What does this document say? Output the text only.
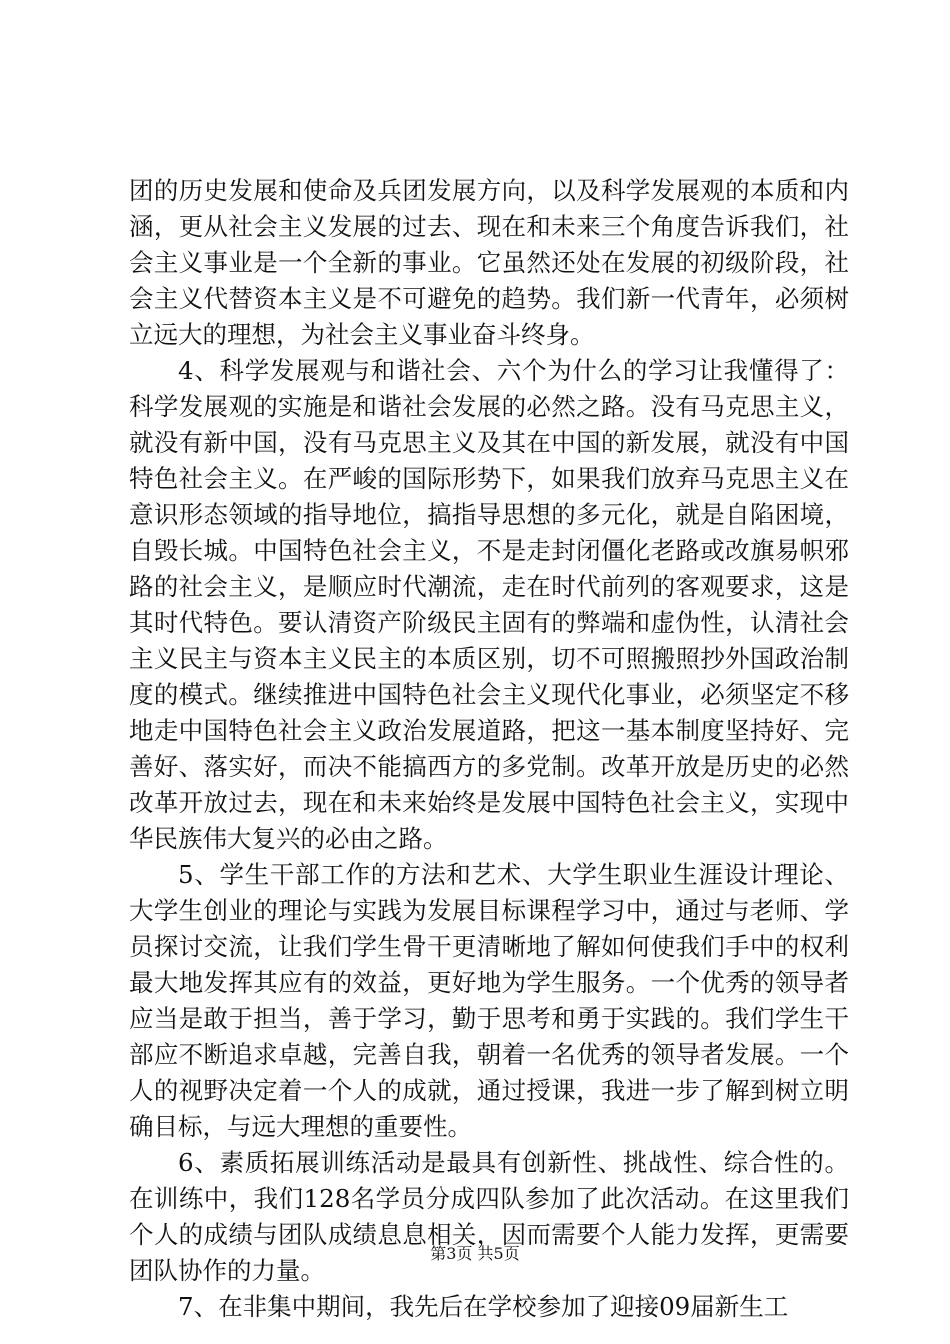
团的历史发展和使命及兵团发展方向，以及科学发展观的本质和内涵，更从社会主义发展的过去、现在和未来三个角度告诉我们，社会主义事业是一个全新的事业。它虽然还处在发展的初级阶段，社会主义代替资本主义是不可避免的趋势。我们新一代青年，必须树立远大的理想，为社会主义事业奋斗终身。

4、科学发展观与和谐社会、六个为什么的学习让我懂得了：科学发展观的实施是和谐社会发展的必然之路。没有马克思主义，就没有新中国，没有马克思主义及其在中国的新发展，就没有中国特色社会主义。在严峻的国际形势下，如果我们放弃马克思主义在意识形态领域的指导地位，搞指导思想的多元化，就是自陷困境，自毁长城。中国特色社会主义，不是走封闭僵化老路或改旗易帜邪路的社会主义，是顺应时代潮流，走在时代前列的客观要求，这是其时代特色。要认清资产阶级民主固有的弊端和虚伪性，认清社会主义民主与资本主义民主的本质区别，切不可照搬照抄外国政治制度的模式。继续推进中国特色社会主义现代化事业，必须坚定不移地走中国特色社会主义政治发展道路，把这一基本制度坚持好、完善好、落实好，而决不能搞西方的多党制。改革开放是历史的必然改革开放过去，现在和未来始终是发展中国特色社会主义，实现中华民族伟大复兴的必由之路。

5、学生干部工作的方法和艺术、大学生职业生涯设计理论、大学生创业的理论与实践为发展目标课程学习中，通过与老师、学员探讨交流，让我们学生骨干更清晰地了解如何使我们手中的权利最大地发挥其应有的效益，更好地为学生服务。一个优秀的领导者应当是敢于担当，善于学习，勤于思考和勇于实践的。我们学生干部应不断追求卓越，完善自我，朝着一名优秀的领导者发展。一个人的视野决定着一个人的成就，通过授课，我进一步了解到树立明确目标，与远大理想的重要性。

6、素质拓展训练活动是最具有创新性、挑战性、综合性的。在训练中，我们128名学员分成四队参加了此次活动。在这里我们个人的成绩与团队成绩息息相关，因而需要个人能力发挥，更需要团队协作的力量。

7、在非集中期间，我先后在学校参加了迎接09届新生工

第3页 共5页
